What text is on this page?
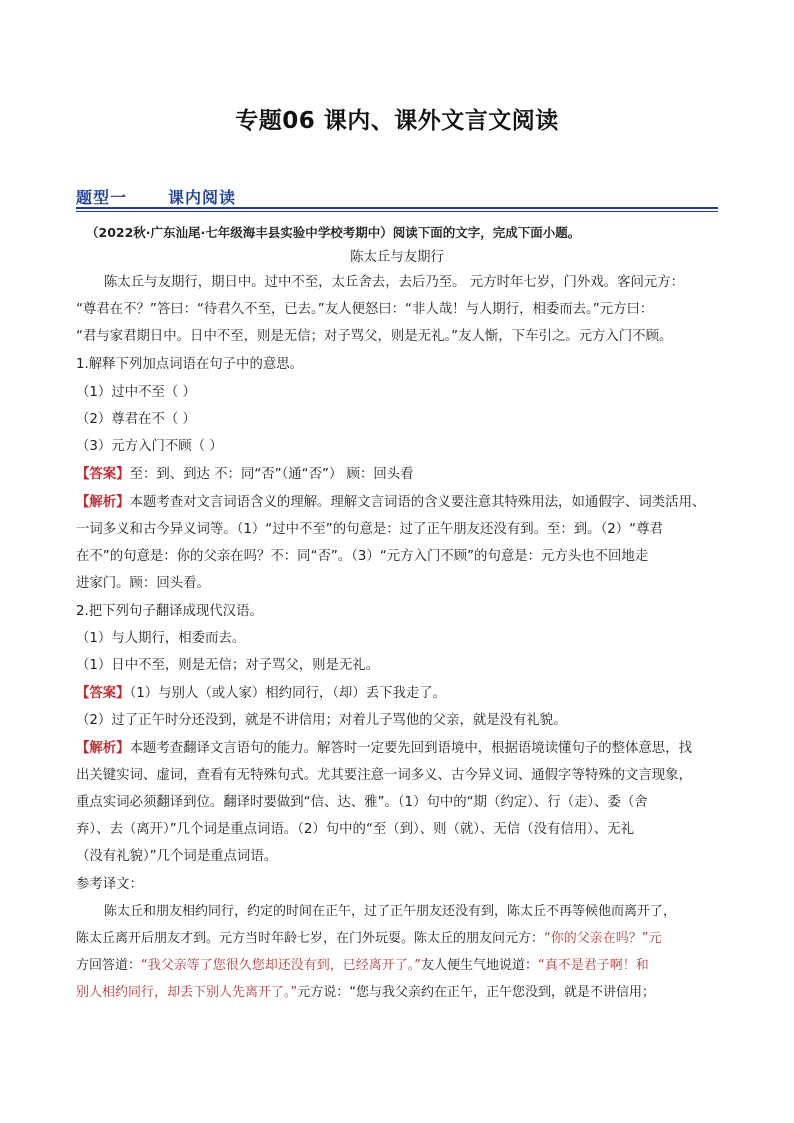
专题06 课内、课外文言文阅读
题型一	课内阅读
（2022秋·广东汕尾·七年级海丰县实验中学校考期中）阅读下面的文字，完成下面小题。
陈太丘与友期行
陈太丘与友期行，期日中。过中不至，太丘舍去，去后乃至。 元方时年七岁，门外戏。客问元方：
“尊君在不？”答曰：“待君久不至，已去。”友人便怒曰：“非人哉！与人期行，相委而去。”元方曰：
“君与家君期日中。日中不至，则是无信；对子骂父，则是无礼。”友人惭，下车引之。元方入门不顾。
1.解释下列加点词语在句子中的意思。
（1）过中不至（ ）
（2）尊君在不（ ）
（3）元方入门不顾（ ）
【答案】至：到、到达 不：同“否”（通“否”） 顾：回头看
【解析】本题考查对文言词语含义的理解。理解文言词语的含义要注意其特殊用法，如通假字、词类活用、
一词多义和古今异义词等。（1）“过中不至”的句意是：过了正午朋友还没有到。至：到。（2）“尊君
在不”的句意是：你的父亲在吗？不：同“否”。（3）“元方入门不顾”的句意是：元方头也不回地走
进家门。顾：回头看。
2.把下列句子翻译成现代汉语。
（1）与人期行，相委而去。
（1）日中不至，则是无信；对子骂父，则是无礼。
【答案】（1）与别人（或人家）相约同行，（却）丢下我走了。
（2）过了正午时分还没到，就是不讲信用；对着儿子骂他的父亲，就是没有礼貌。
【解析】本题考查翻译文言语句的能力。解答时一定要先回到语境中，根据语境读懂句子的整体意思，找
出关键实词、虚词，查看有无特殊句式。尤其要注意一词多义、古今异义词、通假字等特殊的文言现象，
重点实词必须翻译到位。翻译时要做到“信、达、雅”。（1）句中的“期（约定）、行（走）、委（舍
弃）、去（离开）”几个词是重点词语。（2）句中的“至（到）、则（就）、无信（没有信用）、无礼
（没有礼貌）”几个词是重点词语。
参考译文：
陈太丘和朋友相约同行，约定的时间在正午，过了正午朋友还没有到，陈太丘不再等候他而离开了，
陈太丘离开后朋友才到。元方当时年龄七岁，在门外玩耍。陈太丘的朋友问元方：“你的父亲在吗？”元
方回答道：“我父亲等了您很久您却还没有到，已经离开了。”友人便生气地说道：“真不是君子啊！和
别人相约同行，却丢下别人先离开了。”元方说：“您与我父亲约在正午，正午您没到，就是不讲信用；
